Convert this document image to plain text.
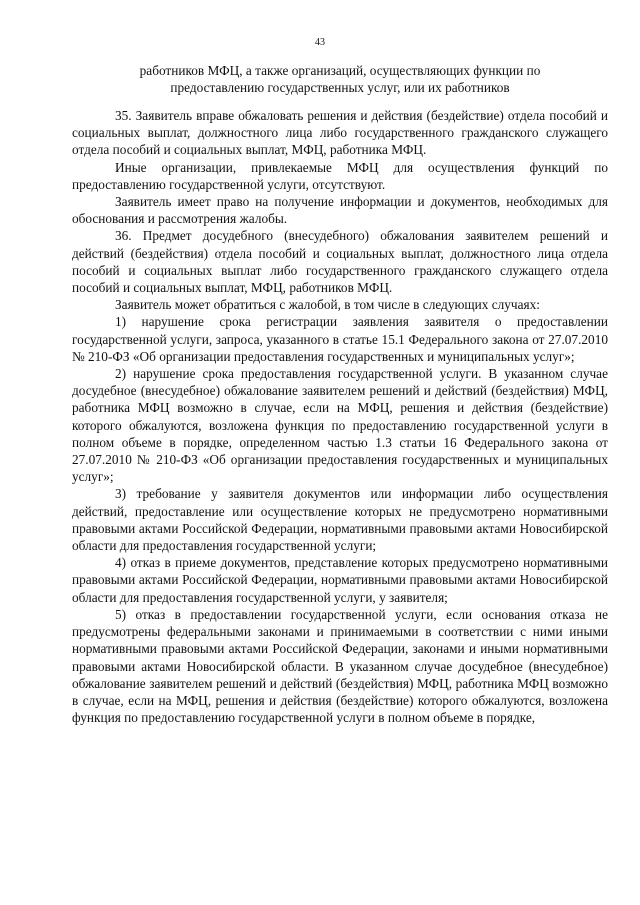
43
работников МФЦ, а также организаций, осуществляющих функции по
предоставлению государственных услуг, или их работников

35. Заявитель вправе обжаловать решения и действия (бездействие) отдела пособий и социальных выплат, должностного лица либо государственного гражданского служащего отдела пособий и социальных выплат, МФЦ, работника МФЦ.

Иные организации, привлекаемые МФЦ для осуществления функций по предоставлению государственной услуги, отсутствуют.

Заявитель имеет право на получение информации и документов, необходимых для обоснования и рассмотрения жалобы.

36. Предмет досудебного (внесудебного) обжалования заявителем решений и действий (бездействия) отдела пособий и социальных выплат, должностного лица отдела пособий и социальных выплат либо государственного гражданского служащего отдела пособий и социальных выплат, МФЦ, работников МФЦ.

Заявитель может обратиться с жалобой, в том числе в следующих случаях:

1) нарушение срока регистрации заявления заявителя о предоставлении государственной услуги, запроса, указанного в статье 15.1 Федерального закона от 27.07.2010 № 210-ФЗ «Об организации предоставления государственных и муниципальных услуг»;

2) нарушение срока предоставления государственной услуги. В указанном случае досудебное (внесудебное) обжалование заявителем решений и действий (бездействия) МФЦ, работника МФЦ возможно в случае, если на МФЦ, решения и действия (бездействие) которого обжалуются, возложена функция по предоставлению государственной услуги в полном объеме в порядке, определенном частью 1.3 статьи 16 Федерального закона от 27.07.2010 № 210-ФЗ «Об организации предоставления государственных и муниципальных услуг»;

3) требование у заявителя документов или информации либо осуществления действий, предоставление или осуществление которых не предусмотрено нормативными правовыми актами Российской Федерации, нормативными правовыми актами Новосибирской области для предоставления государственной услуги;

4) отказ в приеме документов, представление которых предусмотрено нормативными правовыми актами Российской Федерации, нормативными правовыми актами Новосибирской области для предоставления государственной услуги, у заявителя;

5) отказ в предоставлении государственной услуги, если основания отказа не предусмотрены федеральными законами и принимаемыми в соответствии с ними иными нормативными правовыми актами Российской Федерации, законами и иными нормативными правовыми актами Новосибирской области. В указанном случае досудебное (внесудебное) обжалование заявителем решений и действий (бездействия) МФЦ, работника МФЦ возможно в случае, если на МФЦ, решения и действия (бездействие) которого обжалуются, возложена функция по предоставлению государственной услуги в полном объеме в порядке,
